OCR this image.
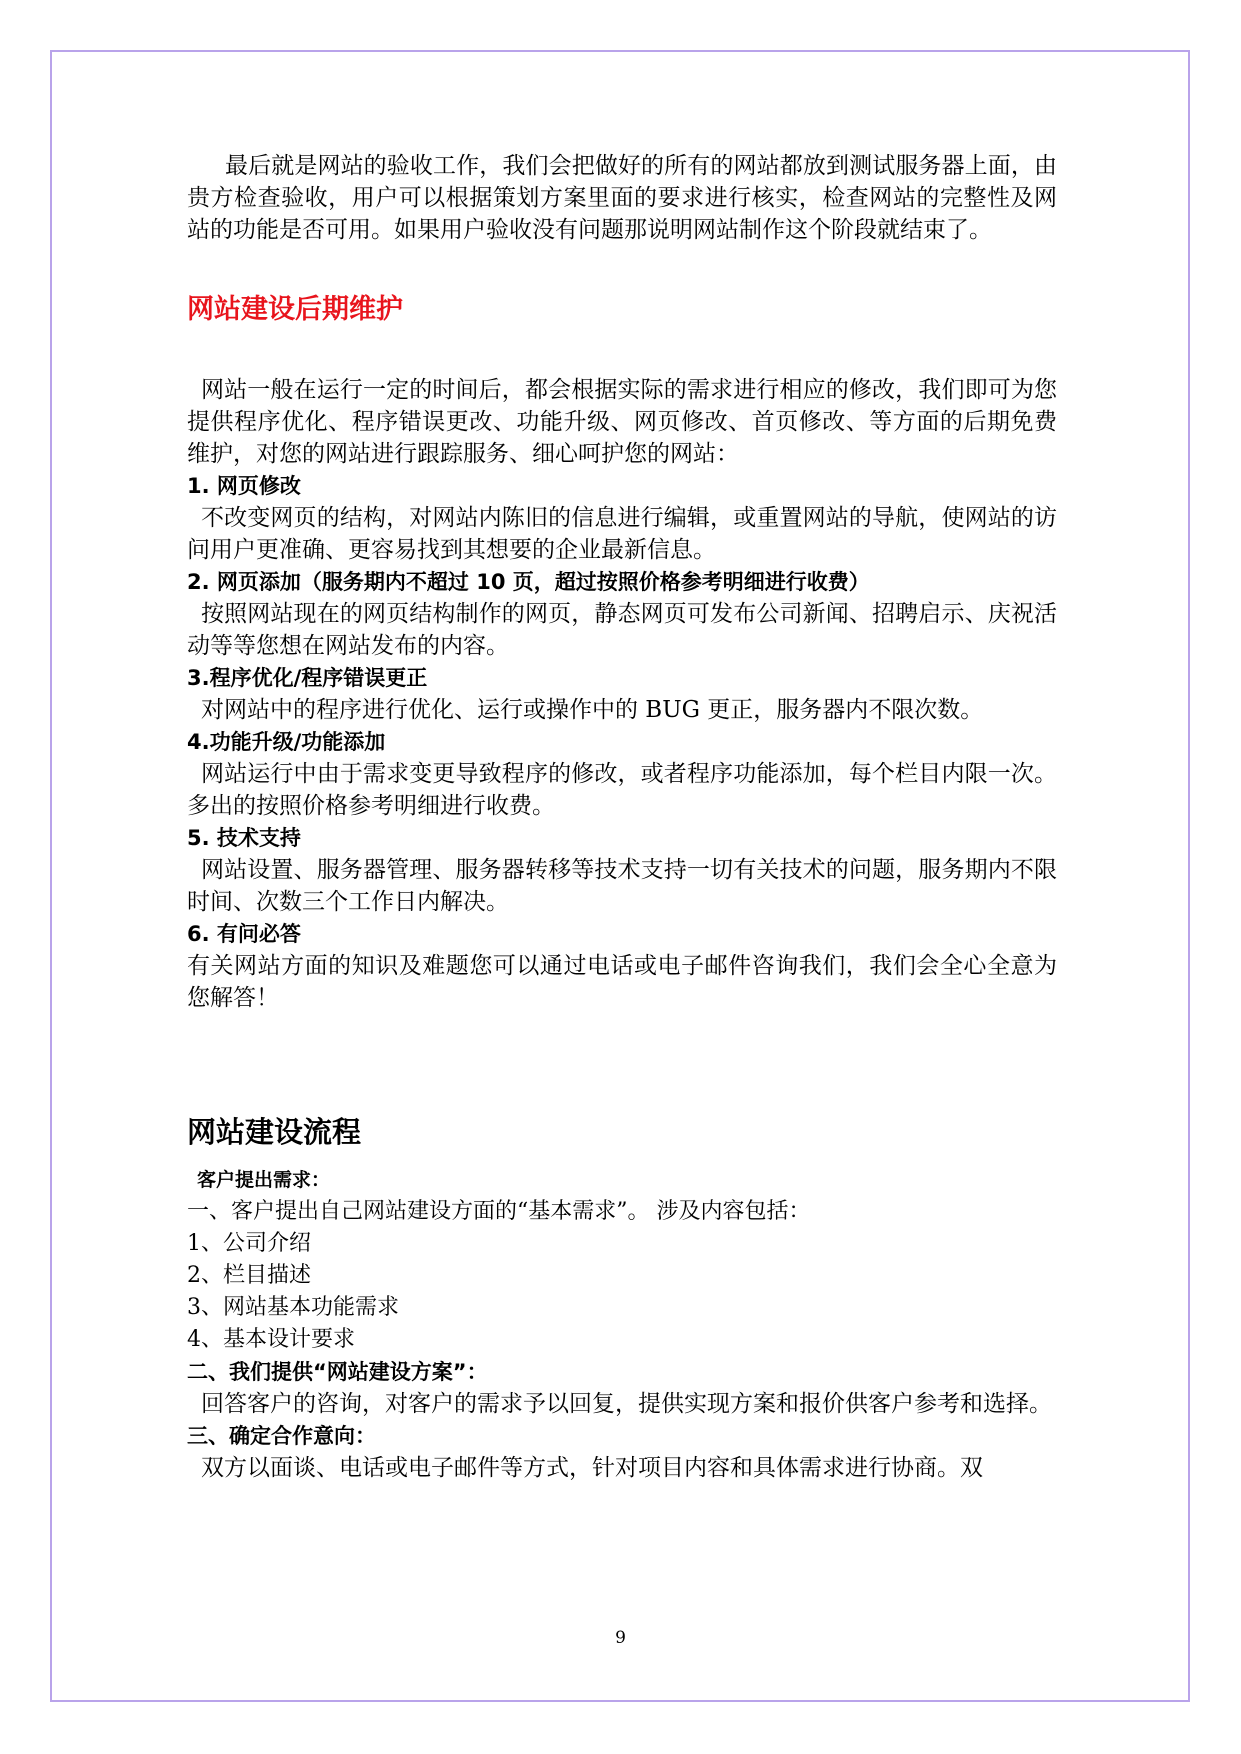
最后就是网站的验收工作，我们会把做好的所有的网站都放到测试服务器上面，由贵方检查验收，用户可以根据策划方案里面的要求进行核实，检查网站的完整性及网站的功能是否可用。如果用户验收没有问题那说明网站制作这个阶段就结束了。

网站建设后期维护

网站一般在运行一定的时间后，都会根据实际的需求进行相应的修改，我们即可为您提供程序优化、程序错误更改、功能升级、网页修改、首页修改、等方面的后期免费维护，对您的网站进行跟踪服务、细心呵护您的网站：

1. 网页修改

不改变网页的结构，对网站内陈旧的信息进行编辑，或重置网站的导航，使网站的访问用户更准确、更容易找到其想要的企业最新信息。

2. 网页添加（服务期内不超过 10 页，超过按照价格参考明细进行收费）

按照网站现在的网页结构制作的网页，静态网页可发布公司新闻、招聘启示、庆祝活动等等您想在网站发布的内容。

3.程序优化/程序错误更正

对网站中的程序进行优化、运行或操作中的 BUG 更正，服务器内不限次数。

4.功能升级/功能添加

网站运行中由于需求变更导致程序的修改，或者程序功能添加，每个栏目内限一次。多出的按照价格参考明细进行收费。

5. 技术支持

网站设置、服务器管理、服务器转移等技术支持一切有关技术的问题，服务期内不限时间、次数三个工作日内解决。

6. 有问必答

有关网站方面的知识及难题您可以通过电话或电子邮件咨询我们，我们会全心全意为您解答！

网站建设流程

客户提出需求：

一、客户提出自己网站建设方面的“基本需求”。 涉及内容包括：

1、公司介绍

2、栏目描述

3、网站基本功能需求

4、基本设计要求

二、我们提供“网站建设方案”：

回答客户的咨询，对客户的需求予以回复，提供实现方案和报价供客户参考和选择。

三、确定合作意向：

双方以面谈、电话或电子邮件等方式，针对项目内容和具体需求进行协商。双

9
